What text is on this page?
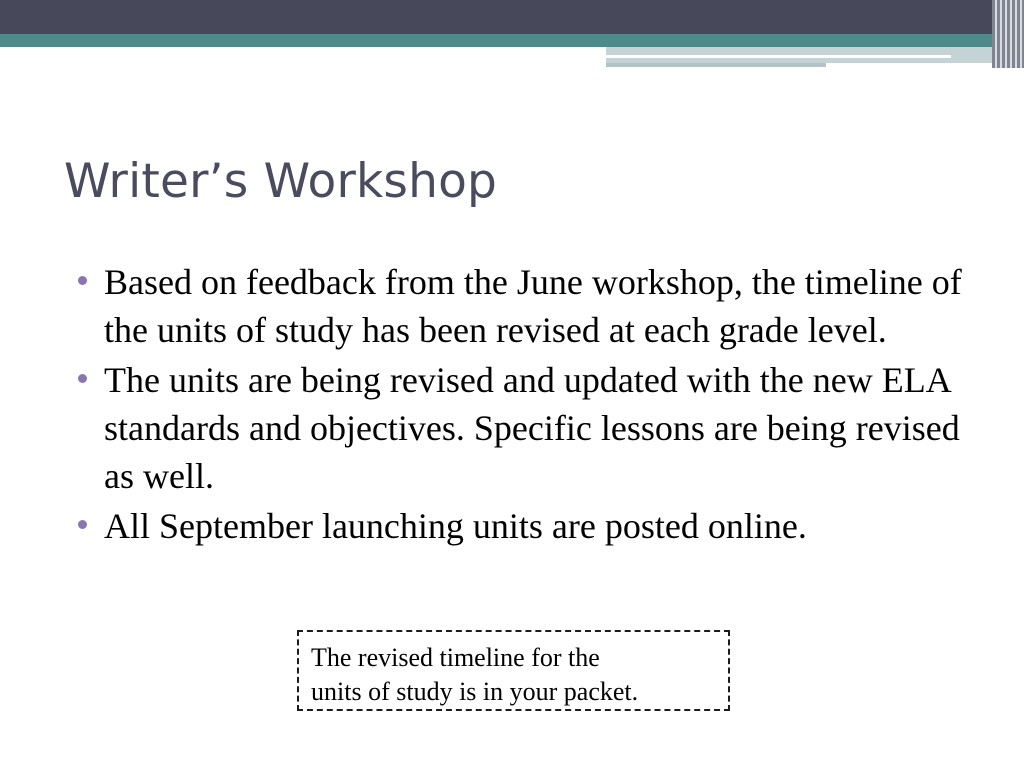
Writer’s Workshop
Based on feedback from the June workshop, the timeline of the units of study has been revised at each grade level.
The units are being revised and updated with the new ELA standards and objectives. Specific lessons are being revised as well.
All September launching units are posted online.
The revised timeline for the
units of study is in your packet.
